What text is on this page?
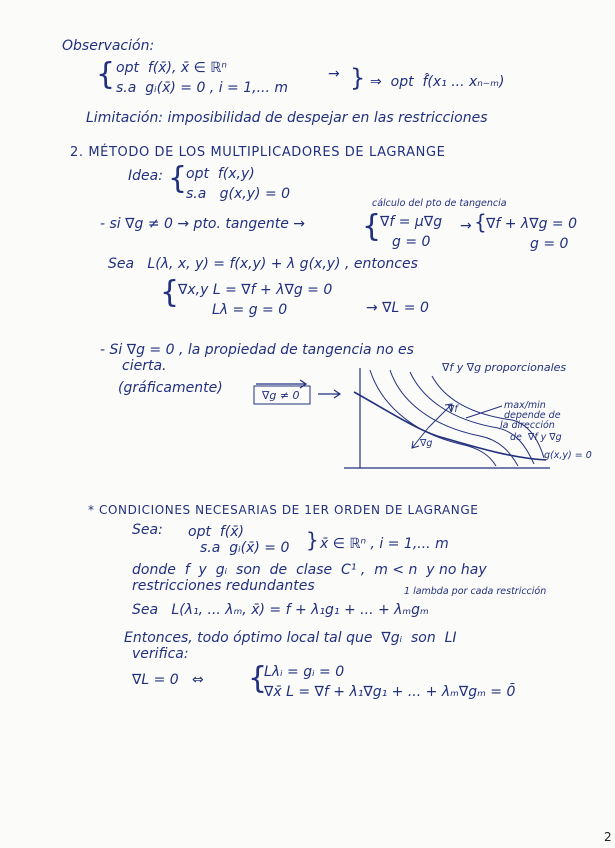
Observación:
{ opt  f(x̄), x̄ ∈ ℝⁿ
s.a  gᵢ(x̄) = 0 , i = 1,... m
→ } ⇒  opt  f̂(x₁ ... xₙ₋ₘ)
Limitación: imposibilidad de despejar en las restricciones
2. MÉTODO DE LOS MULTIPLICADORES DE LAGRANGE
Idea: {
opt  f(x,y)
s.a   g(x,y) = 0
cálculo del pto de tangencia
- si ∇g ≠ 0 → pto. tangente → {
∇f = μ∇g
g = 0
→ { ∇f + λ∇g = 0
g = 0
Sea   L(λ, x, y) = f(x,y) + λ g(x,y) , entonces
{
∇x,y L = ∇f + λ∇g = 0
Lλ = g = 0	→ ∇L = 0
- Si ∇g = 0 , la propiedad de tangencia no es
cierta.
(gráficamente)	∇g ≠ 0
∇f y ∇g proporcionales
∇f
∇g
max/min
depende de
la dirección
de  ∇f y ∇g
g(x,y) = 0
* CONDICIONES NECESARIAS DE 1ER ORDEN DE LAGRANGE
Sea: opt  f(x̄)
s.a  gᵢ(x̄) = 0 } x̄ ∈ ℝⁿ , i = 1,... m
donde  f  y  gᵢ  son  de  clase  C¹ ,  m < n  y no hay
restricciones redundantes	1 lambda por cada restricción
Sea   L(λ₁, ... λₘ, x̄) = f + λ₁g₁ + ... + λₘgₘ
Entonces, todo óptimo local tal que  ∇gᵢ  son  LI
verifica:
∇L = 0   ⇔ {
Lλᵢ = gᵢ = 0
∇x̄ L = ∇f + λ₁∇g₁ + ... + λₘ∇gₘ = 0̄
2
